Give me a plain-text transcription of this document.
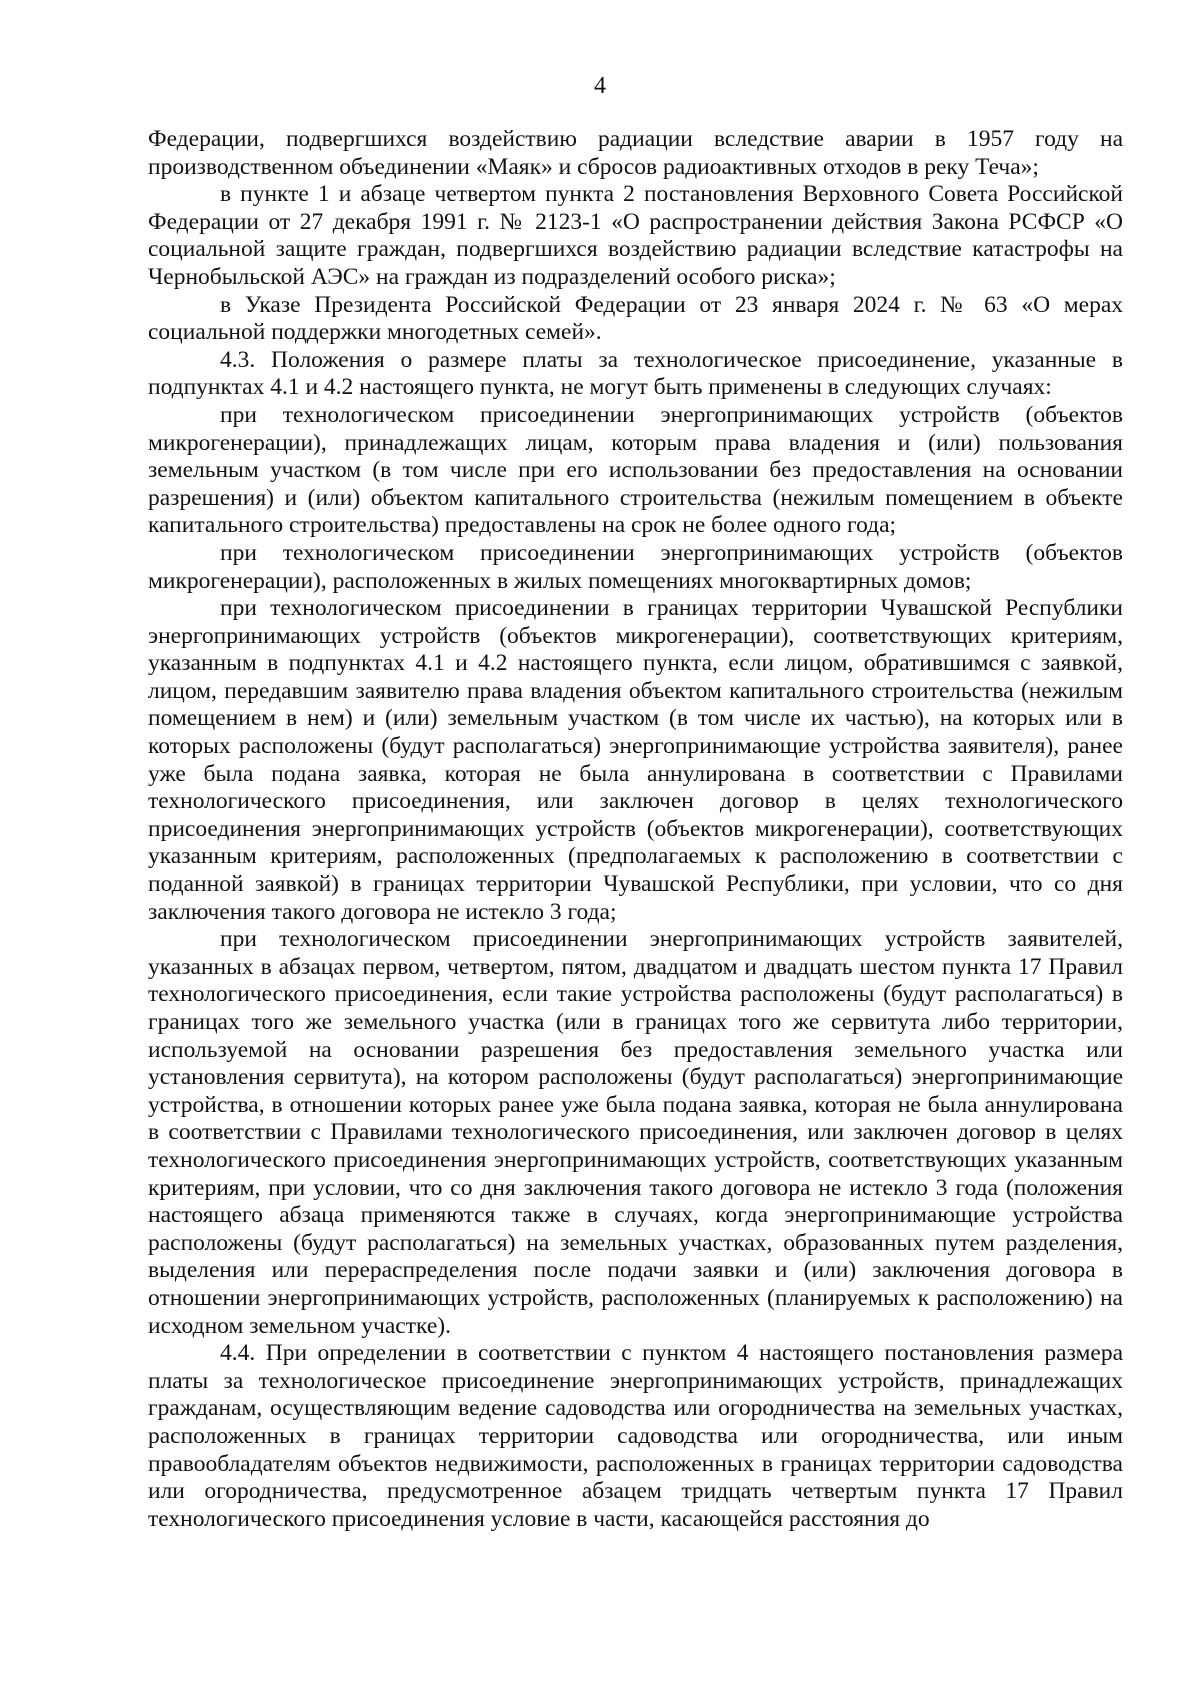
4

Федерации, подвергшихся воздействию радиации вследствие аварии в 1957 году на производственном объединении «Маяк» и сбросов радиоактивных отходов в реку Теча»;

в пункте 1 и абзаце четвертом пункта 2 постановления Верховного Совета Российской Федерации от 27 декабря 1991 г. № 2123-1 «О распространении действия Закона РСФСР «О социальной защите граждан, подвергшихся воздействию радиации вследствие катастрофы на Чернобыльской АЭС» на граждан из подразделений особого риска»;

в Указе Президента Российской Федерации от 23 января 2024 г. № 63 «О мерах социальной поддержки многодетных семей».

4.3. Положения о размере платы за технологическое присоединение, указанные в подпунктах 4.1 и 4.2 настоящего пункта, не могут быть применены в следующих случаях:

при технологическом присоединении энергопринимающих устройств (объектов микрогенерации), принадлежащих лицам, которым права владения и (или) пользования земельным участком (в том числе при его использовании без предоставления на основании разрешения) и (или) объектом капитального строительства (нежилым помещением в объекте капитального строительства) предоставлены на срок не более одного года;

при технологическом присоединении энергопринимающих устройств (объектов микрогенерации), расположенных в жилых помещениях многоквартирных домов;

при технологическом присоединении в границах территории Чувашской Республики энергопринимающих устройств (объектов микрогенерации), соответствующих критериям, указанным в подпунктах 4.1 и 4.2 настоящего пункта, если лицом, обратившимся с заявкой, лицом, передавшим заявителю права владения объектом капитального строительства (нежилым помещением в нем) и (или) земельным участком (в том числе их частью), на которых или в которых расположены (будут располагаться) энергопринимающие устройства заявителя), ранее уже была подана заявка, которая не была аннулирована в соответствии с Правилами технологического присоединения, или заключен договор в целях технологического присоединения энергопринимающих устройств (объектов микрогенерации), соответствующих указанным критериям, расположенных (предполагаемых к расположению в соответствии с поданной заявкой) в границах территории Чувашской Республики, при условии, что со дня заключения такого договора не истекло 3 года;

при технологическом присоединении энергопринимающих устройств заявителей, указанных в абзацах первом, четвертом, пятом, двадцатом и двадцать шестом пункта 17 Правил технологического присоединения, если такие устройства расположены (будут располагаться) в границах того же земельного участка (или в границах того же сервитута либо территории, используемой на основании разрешения без предоставления земельного участка или установления сервитута), на котором расположены (будут располагаться) энергопринимающие устройства, в отношении которых ранее уже была подана заявка, которая не была аннулирована в соответствии с Правилами технологического присоединения, или заключен договор в целях технологического присоединения энергопринимающих устройств, соответствующих указанным критериям, при условии, что со дня заключения такого договора не истекло 3 года (положения настоящего абзаца применяются также в случаях, когда энергопринимающие устройства расположены (будут располагаться) на земельных участках, образованных путем разделения, выделения или перераспределения после подачи заявки и (или) заключения договора в отношении энергопринимающих устройств, расположенных (планируемых к расположению) на исходном земельном участке).

4.4. При определении в соответствии с пунктом 4 настоящего постановления размера платы за технологическое присоединение энергопринимающих устройств, принадлежащих гражданам, осуществляющим ведение садоводства или огородничества на земельных участках, расположенных в границах территории садоводства или огородничества, или иным правообладателям объектов недвижимости, расположенных в границах территории садоводства или огородничества, предусмотренное абзацем тридцать четвертым пункта 17 Правил технологического присоединения условие в части, касающейся расстояния до
